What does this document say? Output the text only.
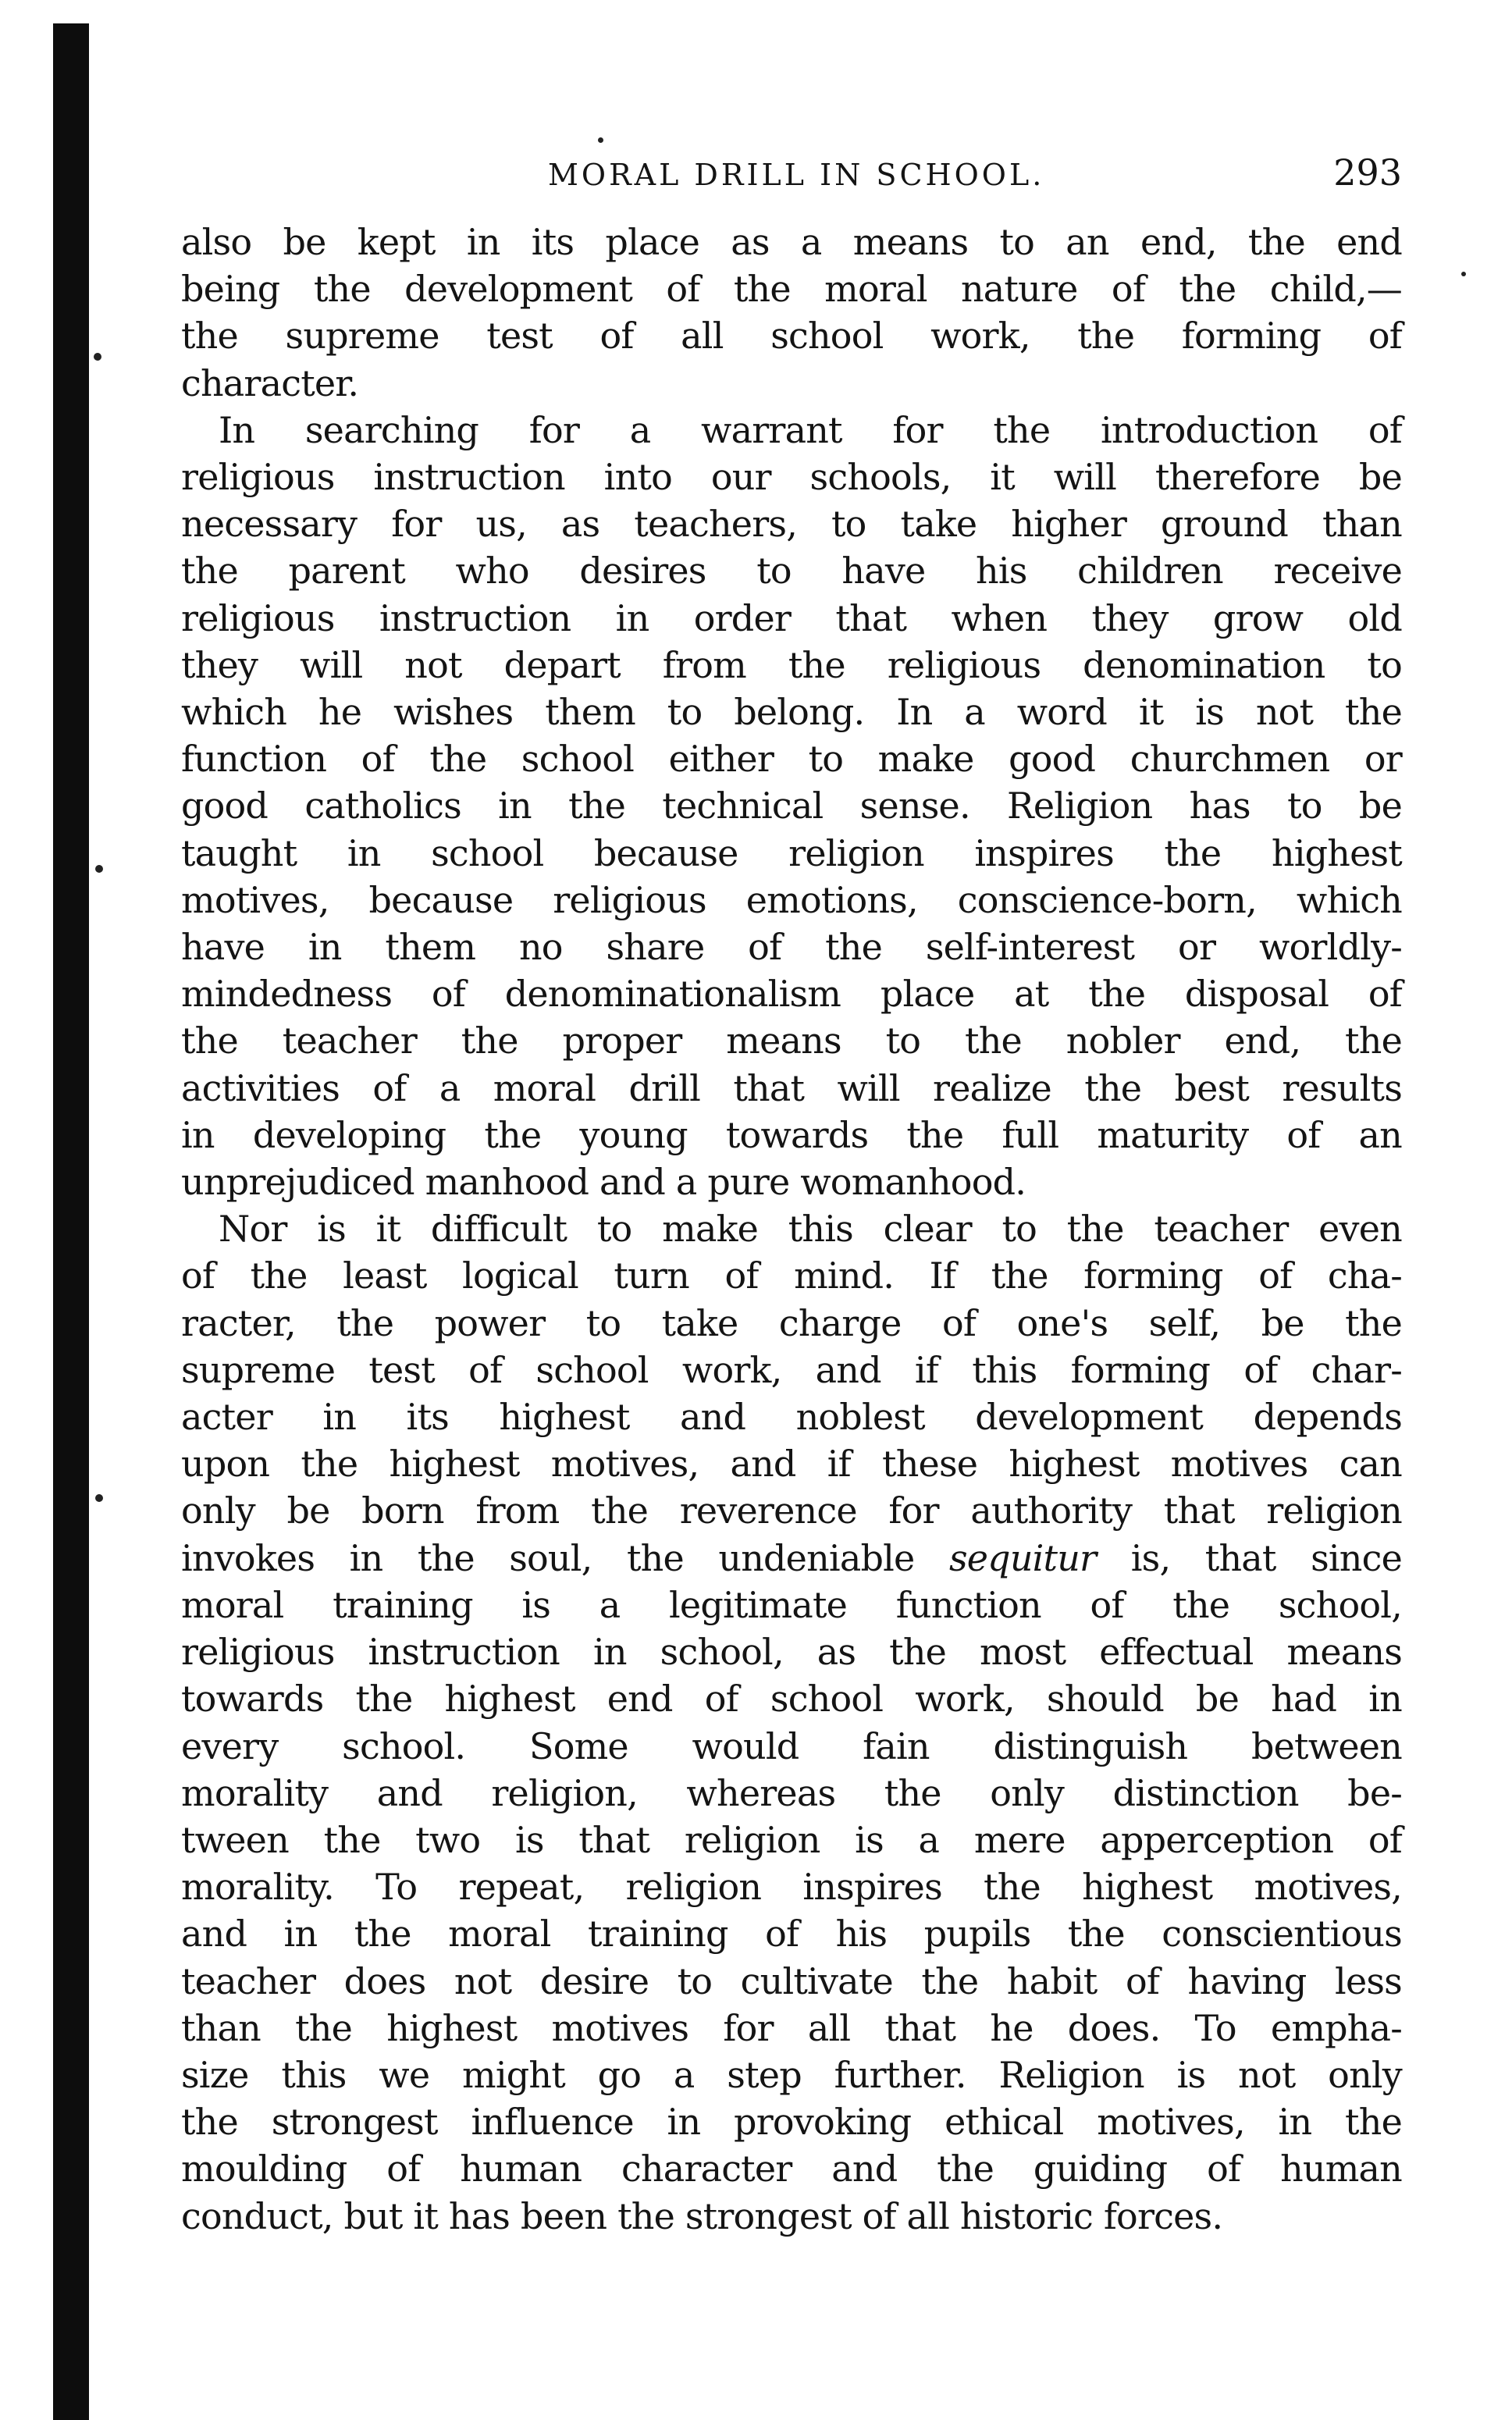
MORAL DRILL IN SCHOOL.	293

also be kept in its place as a means to an end, the end
being the development of the moral nature of the child,—
the supreme test of all school work, the forming of
character.

In searching for a warrant for the introduction of
religious instruction into our schools, it will therefore be
necessary for us, as teachers, to take higher ground than
the parent who desires to have his children receive
religious instruction in order that when they grow old
they will not depart from the religious denomination to
which he wishes them to belong. In a word it is not the
function of the school either to make good churchmen or
good catholics in the technical sense. Religion has to be
taught in school because religion inspires the highest
motives, because religious emotions, conscience-born, which
have in them no share of the self-interest or worldly-
mindedness of denominationalism place at the disposal of
the teacher the proper means to the nobler end, the
activities of a moral drill that will realize the best results
in developing the young towards the full maturity of an
unprejudiced manhood and a pure womanhood.

Nor is it difficult to make this clear to the teacher even
of the least logical turn of mind. If the forming of cha-
racter, the power to take charge of one's self, be the
supreme test of school work, and if this forming of char-
acter in its highest and noblest development depends
upon the highest motives, and if these highest motives can
only be born from the reverence for authority that religion
invokes in the soul, the undeniable sequitur is, that since
moral training is a legitimate function of the school,
religious instruction in school, as the most effectual means
towards the highest end of school work, should be had in
every school. Some would fain distinguish between
morality and religion, whereas the only distinction be-
tween the two is that religion is a mere apperception of
morality. To repeat, religion inspires the highest motives,
and in the moral training of his pupils the conscientious
teacher does not desire to cultivate the habit of having less
than the highest motives for all that he does. To empha-
size this we might go a step further. Religion is not only
the strongest influence in provoking ethical motives, in the
moulding of human character and the guiding of human
conduct, but it has been the strongest of all historic forces.
